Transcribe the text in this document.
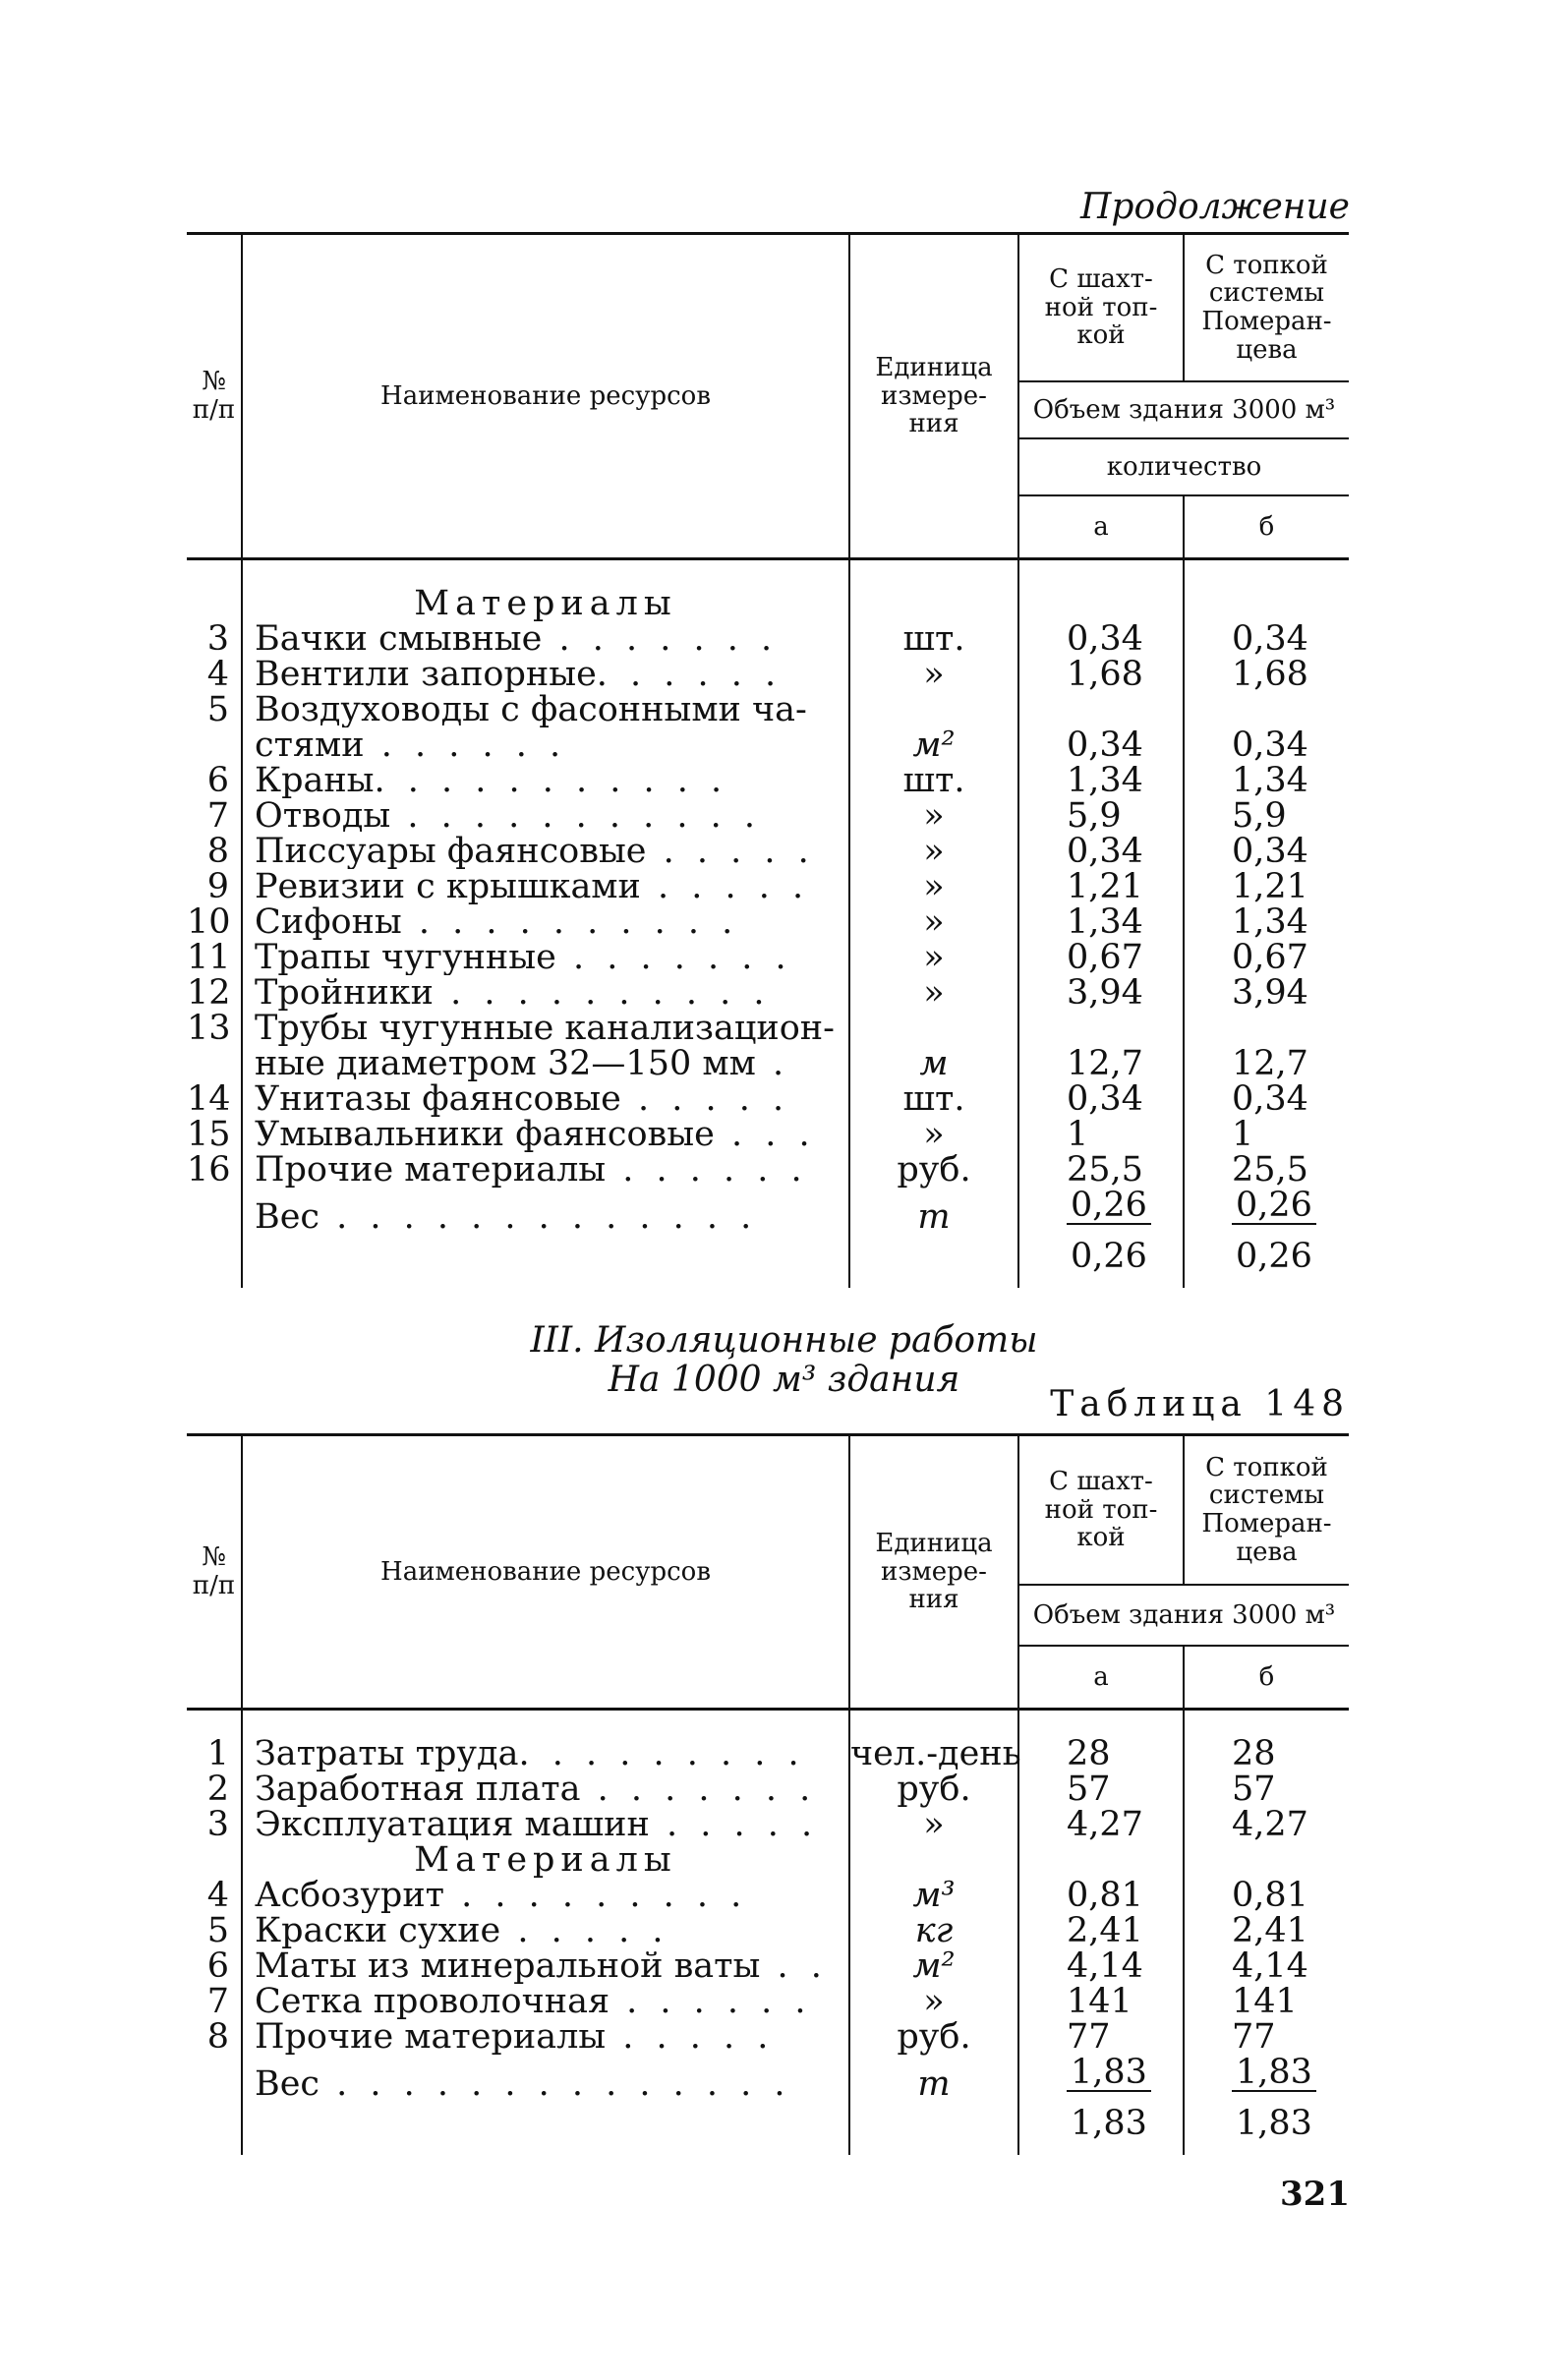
Продолжение
№ п/п	Наименование ресурсов	Единица измере-ния	С шахт-ной топ-кой	С топкой системы Померан-цева
			Объем здания 3000 м³	
			количество	
			а	б
	Материалы			
3	Бачки смывные . . . . . . .	шт.	0,34	0,34
4	Вентили запорные. . . . . .	»	1,68	1,68
5	Воздуховоды с фасонными ча-			
	стями . . . . . .	м²	0,34	0,34
6	Краны. . . . . . . . . . .	шт.	1,34	1,34
7	Отводы . . . . . . . . . . .	»	5,9	5,9
8	Писсуары фаянсовые . . . . .	»	0,34	0,34
9	Ревизии с крышками . . . . .	»	1,21	1,21
10	Сифоны . . . . . . . . . .	»	1,34	1,34
11	Трапы чугунные . . . . . . .	»	0,67	0,67
12	Тройники . . . . . . . . . .	»	3,94	3,94
13	Трубы чугунные канализацион-			
	ные диаметром 32—150 мм .	м	12,7	12,7
14	Унитазы фаянсовые . . . . .	шт.	0,34	0,34
15	Умывальники фаянсовые . . .	»	1	1
16	Прочие материалы . . . . . .	руб.	25,5	25,5
	Вес . . . . . . . . . . . . .	т	$\frac{0,26}{0,26}$	$\frac{0,26}{0,26}$

III. Изоляционные работы
На 1000 м³ здания
Таблица 148
№ п/п	Наименование ресурсов	Единица измере-ния	С шахт-ной топ-кой	С топкой системы Померан-цева
			Объем здания 3000 м³	
			а	б
1	Затраты труда. . . . . . . . .	чел.-день	28	28
2	Заработная плата . . . . . . .	руб.	57	57
3	Эксплуатация машин . . . . .	»	4,27	4,27
	Материалы			
4	Асбозурит . . . . . . . . .	м³	0,81	0,81
5	Краски сухие . . . . .	кг	2,41	2,41
6	Маты из минеральной ваты . .	м²	4,14	4,14
7	Сетка проволочная . . . . . .	»	141	141
8	Прочие материалы . . . . .	руб.	77	77
	Вес . . . . . . . . . . . . . .	т	$\frac{1,83}{1,83}$	$\frac{1,83}{1,83}$

321
